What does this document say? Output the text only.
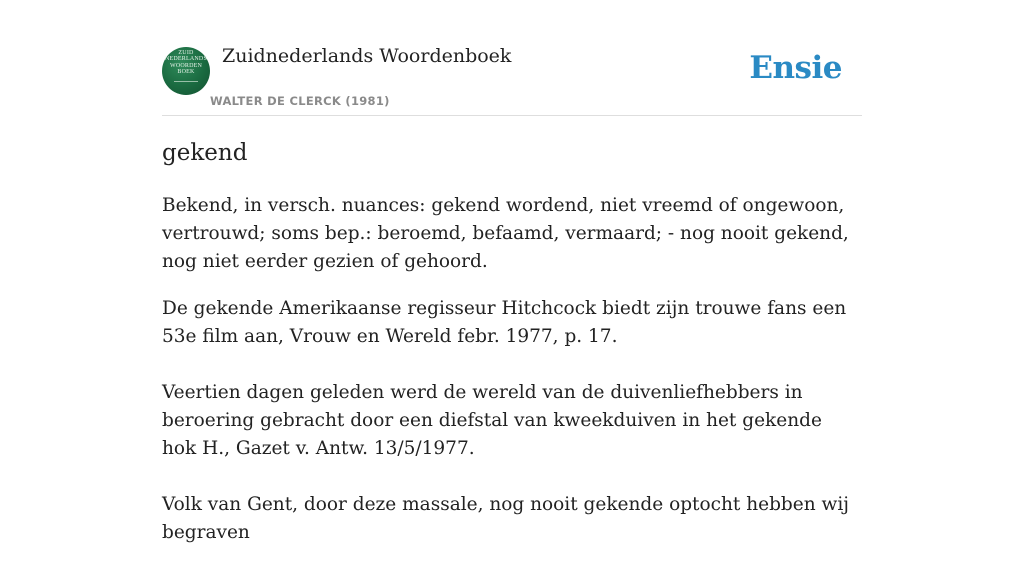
ZUID
NEDERLANDS
WOORDEN
BOEK
Zuidnederlands Woordenboek
WALTER DE CLERCK (1981)
Ensie
gekend

Bekend, in versch. nuances: gekend wordend, niet vreemd of ongewoon, vertrouwd; soms bep.: beroemd, befaamd, vermaard; - nog nooit gekend, nog niet eerder gezien of gehoord.

De gekende Amerikaanse regisseur Hitchcock biedt zijn trouwe fans een 53e film aan, Vrouw en Wereld febr. 1977, p. 17.

Veertien dagen geleden werd de wereld van de duivenliefhebbers in beroering gebracht door een diefstal van kweekduiven in het gekende hok H., Gazet v. Antw. 13/5/1977.

Volk van Gent, door deze massale, nog nooit gekende optocht hebben wij begraven
